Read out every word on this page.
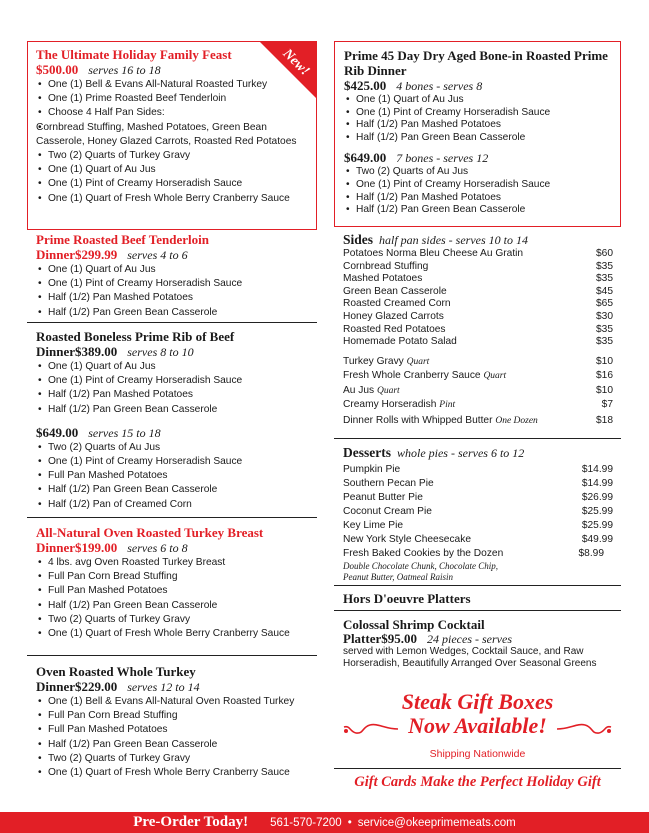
New!
The Ultimate Holiday Family Feast
$500.00 serves 16 to 18
• One (1) Bell & Evans All-Natural Roasted Turkey
• One (1) Prime Roasted Beef Tenderloin
• Choose 4 Half Pan Sides:
• Cornbread Stuffing, Mashed Potatoes, Green Bean Casserole, Honey Glazed Carrots, Roasted Red Potatoes
• Two (2) Quarts of Turkey Gravy
• One (1) Quart of Au Jus
• One (1) Pint of Creamy Horseradish Sauce
• One (1) Quart of Fresh Whole Berry Cranberry Sauce
Prime Roasted Beef Tenderloin
Dinner$299.99 serves 4 to 6
• One (1) Quart of Au Jus
• One (1) Pint of Creamy Horseradish Sauce
• Half (1/2) Pan Mashed Potatoes
• Half (1/2) Pan Green Bean Casserole
Roasted Boneless Prime Rib of Beef
Dinner$389.00 serves 8 to 10
• One (1) Quart of Au Jus
• One (1) Pint of Creamy Horseradish Sauce
• Half (1/2) Pan Mashed Potatoes
• Half (1/2) Pan Green Bean Casserole
$649.00 serves 15 to 18
• Two (2) Quarts of Au Jus
• One (1) Pint of Creamy Horseradish Sauce
• Full Pan Mashed Potatoes
• Half (1/2) Pan Green Bean Casserole
• Half (1/2) Pan of Creamed Corn
All-Natural Oven Roasted Turkey Breast
Dinner$199.00 serves 6 to 8
• 4 lbs. avg Oven Roasted Turkey Breast
• Full Pan Corn Bread Stuffing
• Full Pan Mashed Potatoes
• Half (1/2) Pan Green Bean Casserole
• Two (2) Quarts of Turkey Gravy
• One (1) Quart of Fresh Whole Berry Cranberry Sauce
Oven Roasted Whole Turkey
Dinner$229.00 serves 12 to 14
• One (1) Bell & Evans All-Natural Oven Roasted Turkey
• Full Pan Corn Bread Stuffing
• Full Pan Mashed Potatoes
• Half (1/2) Pan Green Bean Casserole
• Two (2) Quarts of Turkey Gravy
• One (1) Quart of Fresh Whole Berry Cranberry Sauce
Prime 45 Day Dry Aged Bone-in Roasted Prime Rib Dinner
$425.00 4 bones - serves 8
• One (1) Quart of Au Jus
• One (1) Pint of Creamy Horseradish Sauce
• Half (1/2) Pan Mashed Potatoes
• Half (1/2) Pan Green Bean Casserole
$649.00 7 bones - serves 12
• Two (2) Quarts of Au Jus
• One (1) Pint of Creamy Horseradish Sauce
• Half (1/2) Pan Mashed Potatoes
• Half (1/2) Pan Green Bean Casserole
Sides half pan sides - serves 10 to 14
Potatoes Norma Bleu Cheese Au Gratin	$60
Cornbread Stuffing	$35
Mashed Potatoes	$35
Green Bean Casserole	$45
Roasted Creamed Corn	$65
Honey Glazed Carrots	$30
Roasted Red Potatoes	$35
Homemade Potato Salad	$35
Turkey Gravy Quart	$10
Fresh Whole Cranberry Sauce Quart	$16
Au Jus Quart	$10
Creamy Horseradish Pint	$7
Dinner Rolls with Whipped Butter One Dozen	$18
Desserts whole pies - serves 6 to 12
Pumpkin Pie	$14.99
Southern Pecan Pie	$14.99
Peanut Butter Pie	$26.99
Coconut Cream Pie	$25.99
Key Lime Pie	$25.99
New York Style Cheesecake	$49.99
Fresh Baked Cookies by the Dozen	$8.99
Double Chocolate Chunk, Chocolate Chip, Peanut Butter, Oatmeal Raisin
Hors D'oeuvre Platters
Colossal Shrimp Cocktail
Platter$95.00 24 pieces - serves
served with Lemon Wedges, Cocktail Sauce, and Raw Horseradish, Beautifully Arranged Over Seasonal Greens
Steak Gift Boxes
Now Available!
Shipping Nationwide
Gift Cards Make the Perfect Holiday Gift
Pre-Order Today! 561-570-7200 • service@okeeprimemeats.com
